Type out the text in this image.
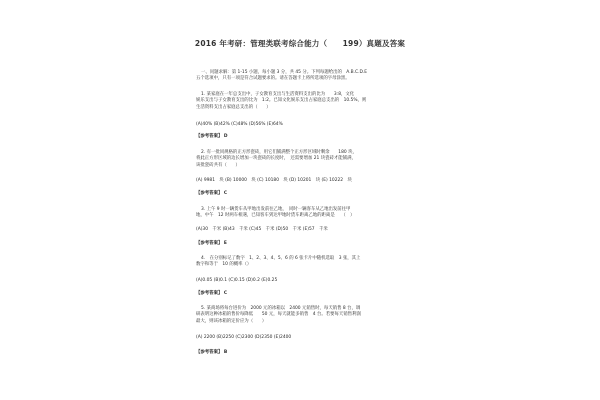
2016 年考研：管理类联考综合能力（　　199）真题及答案
一、问题求解：第 1-15 小题，每小题 3 分，共 45 分。下列每题给出的　A.B.C.D.E
五个选项中，只有一项是符合试题要求的。请在答题卡上将所选项的字母涂黑。
1. 某家庭在一年总支出中，子女教育支出与生活资料支出的比为　　3:8，文化
娱乐支出与子女教育支出的比为　1:2。已知文化娱乐支出占家庭总支出的　10.5%，则
生活资料支出占家庭总支出的（　　）
(A)40% (B)42% (C)48% (D)56% (E)64%
【参考答案】 D
2. 有一批同规格的正方形瓷砖，用它们铺满整个正方形区域时剩余　　180 块，
将此正方形区域的边长增加一块瓷砖的长度时，　还需要增加 21 块瓷砖才能铺满，
该批瓷砖共有（　　）
(A) 9981　块 (B) 10000　块 (C) 10180　块 (D) 10201　块 (E) 10222　块
【参考答案】 C
3. 上午 9 时一辆货车从甲地出发前往乙地，　同时一辆客车从乙地出发前往甲
地，中午　12 时两车相遇，已知客车到达甲地时货车距离乙地的距离是　　（　）
(A)30　千米 (B)43　千米 (C)45　千米 (D)50　千米 (E)57　千米
【参考答案】 E
4.　在分别标记了数字　1、2、3、4、5、6 的 6 张卡片中随机选取　3 张，其上
数字和等于　10 的概率（）
(A)0.05 (B)0.1 (C)0.15 (D)0.2 (E)0.25
【参考答案】 C
5. 某商场将每台进价为　2000 元的冰箱以　2400 元销售时，每天销售 8 台，调
研表明这种冰箱的售价每降低　　50 元，每天就能多销售　4 台。若要每天销售利润
最大，则该冰箱的定价应为（　　）
(A) 2200 (B)2250 (C)2300 (D)2350 (E)2400
【参考答案】 B
